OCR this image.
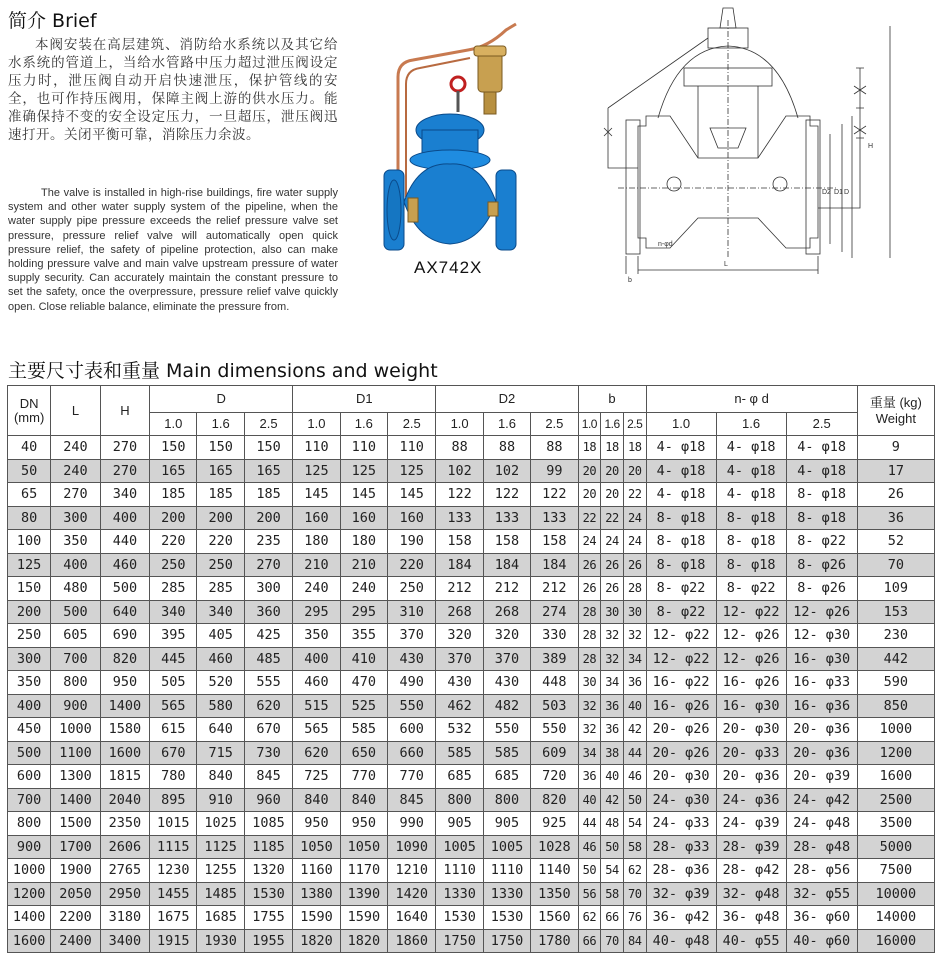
简介 Brief
本阀安装在高层建筑、消防给水系统以及其它给水系统的管道上，当给水管路中压力超过泄压阀设定压力时，泄压阀自动开启快速泄压，保护管线的安全，也可作持压阀用，保障主阀上游的供水压力。能准确保持不变的安全设定压力，一旦超压，泄压阀迅速打开。关闭平衡可靠，消除压力余波。
The valve is installed in high-rise buildings, fire water supply system and other water supply system of the pipeline, when the water supply pipe pressure exceeds the relief pressure valve set pressure, pressure relief valve will automatically open quick pressure relief, the safety of pipeline protection, also can make holding pressure valve and main valve upstream pressure of water supply security. Can accurately maintain the constant pressure to set the safety, once the overpressure, pressure relief valve quickly open. Close reliable balance, eliminate the pressure from.
AX742X
H
D2 D1 D
L
b
n-φd
主要尺寸表和重量 Main dimensions and weight
DN
(mm)	L	H	D			D1			D2			b			n- φ d			重量 (kg)
Weight
			1.0	1.6	2.5	1.0	1.6	2.5	1.0	1.6	2.5	1.0	1.6	2.5	1.0	1.6	2.5	
40	240	270	150	150	150	110	110	110	88	88	88	18	18	18	4- φ18	4- φ18	4- φ18	9
50	240	270	165	165	165	125	125	125	102	102	99	20	20	20	4- φ18	4- φ18	4- φ18	17
65	270	340	185	185	185	145	145	145	122	122	122	20	20	22	4- φ18	4- φ18	8- φ18	26
80	300	400	200	200	200	160	160	160	133	133	133	22	22	24	8- φ18	8- φ18	8- φ18	36
100	350	440	220	220	235	180	180	190	158	158	158	24	24	24	8- φ18	8- φ18	8- φ22	52
125	400	460	250	250	270	210	210	220	184	184	184	26	26	26	8- φ18	8- φ18	8- φ26	70
150	480	500	285	285	300	240	240	250	212	212	212	26	26	28	8- φ22	8- φ22	8- φ26	109
200	500	640	340	340	360	295	295	310	268	268	274	28	30	30	8- φ22	12- φ22	12- φ26	153
250	605	690	395	405	425	350	355	370	320	320	330	28	32	32	12- φ22	12- φ26	12- φ30	230
300	700	820	445	460	485	400	410	430	370	370	389	28	32	34	12- φ22	12- φ26	16- φ30	442
350	800	950	505	520	555	460	470	490	430	430	448	30	34	36	16- φ22	16- φ26	16- φ33	590
400	900	1400	565	580	620	515	525	550	462	482	503	32	36	40	16- φ26	16- φ30	16- φ36	850
450	1000	1580	615	640	670	565	585	600	532	550	550	32	36	42	20- φ26	20- φ30	20- φ36	1000
500	1100	1600	670	715	730	620	650	660	585	585	609	34	38	44	20- φ26	20- φ33	20- φ36	1200
600	1300	1815	780	840	845	725	770	770	685	685	720	36	40	46	20- φ30	20- φ36	20- φ39	1600
700	1400	2040	895	910	960	840	840	845	800	800	820	40	42	50	24- φ30	24- φ36	24- φ42	2500
800	1500	2350	1015	1025	1085	950	950	990	905	905	925	44	48	54	24- φ33	24- φ39	24- φ48	3500
900	1700	2606	1115	1125	1185	1050	1050	1090	1005	1005	1028	46	50	58	28- φ33	28- φ39	28- φ48	5000
1000	1900	2765	1230	1255	1320	1160	1170	1210	1110	1110	1140	50	54	62	28- φ36	28- φ42	28- φ56	7500
1200	2050	2950	1455	1485	1530	1380	1390	1420	1330	1330	1350	56	58	70	32- φ39	32- φ48	32- φ55	10000
1400	2200	3180	1675	1685	1755	1590	1590	1640	1530	1530	1560	62	66	76	36- φ42	36- φ48	36- φ60	14000
1600	2400	3400	1915	1930	1955	1820	1820	1860	1750	1750	1780	66	70	84	40- φ48	40- φ55	40- φ60	16000
